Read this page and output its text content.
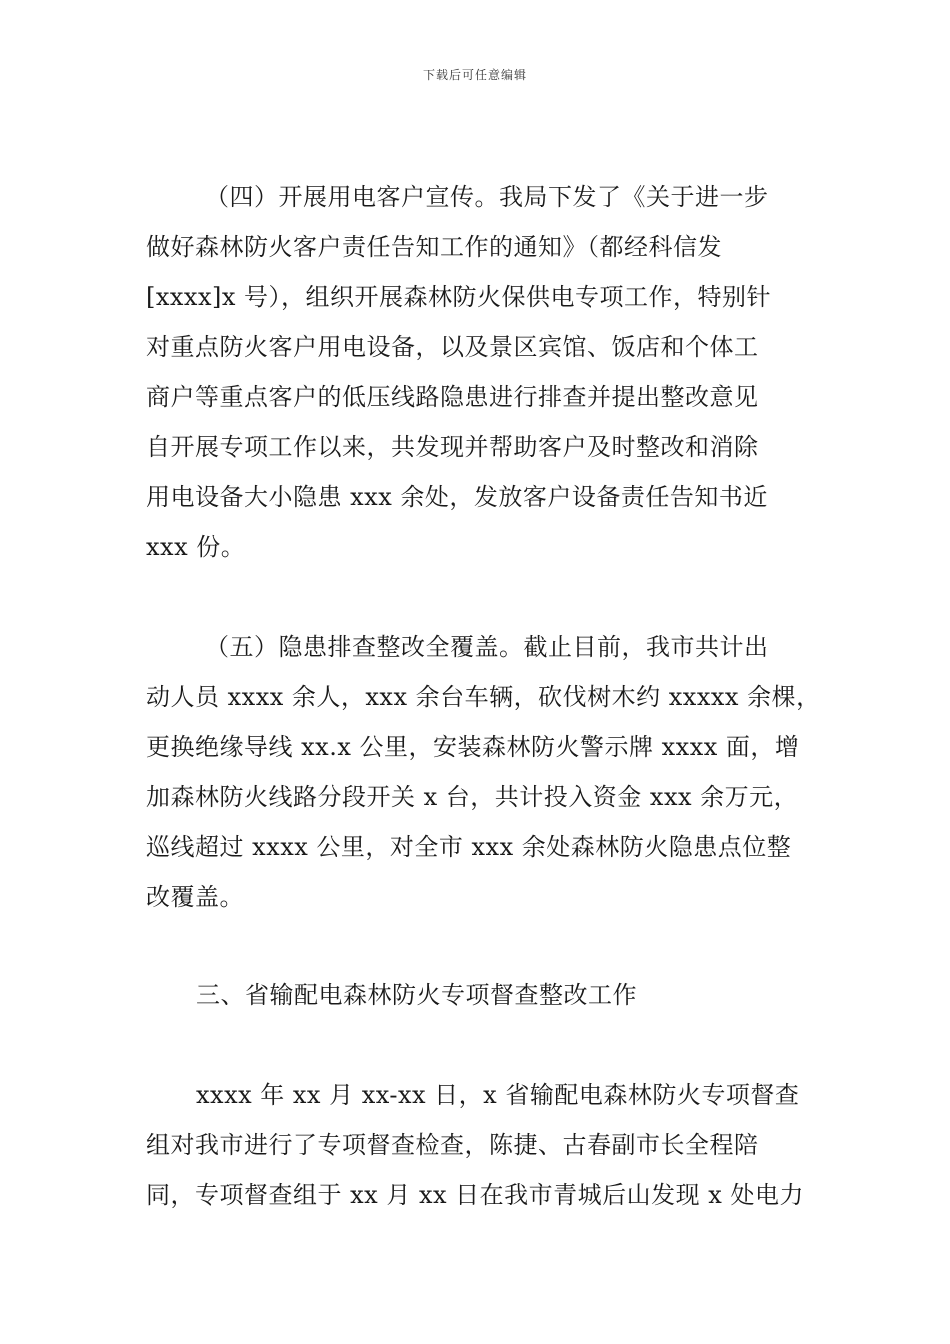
下载后可任意编辑
（四）开展用电客户宣传。我局下发了《关于进一步
做好森林防火客户责任告知工作的通知》（都经科信发
[xxxx]x 号），组织开展森林防火保供电专项工作，特别针
对重点防火客户用电设备，以及景区宾馆、饭店和个体工
商户等重点客户的低压线路隐患进行排查并提出整改意见
自开展专项工作以来，共发现并帮助客户及时整改和消除
用电设备大小隐患 xxx 余处，发放客户设备责任告知书近
xxx 份。
（五）隐患排查整改全覆盖。截止目前，我市共计出
动人员 xxxx 余人，xxx 余台车辆，砍伐树木约 xxxxx 余棵，
更换绝缘导线 xx.x 公里，安装森林防火警示牌 xxxx 面，增
加森林防火线路分段开关 x 台，共计投入资金 xxx 余万元，
巡线超过 xxxx 公里，对全市 xxx 余处森林防火隐患点位整
改覆盖。
三、省输配电森林防火专项督查整改工作
xxxx 年 xx 月 xx-xx 日，x 省输配电森林防火专项督查
组对我市进行了专项督查检查，陈捷、古春副市长全程陪
同，专项督查组于 xx 月 xx 日在我市青城后山发现 x 处电力
